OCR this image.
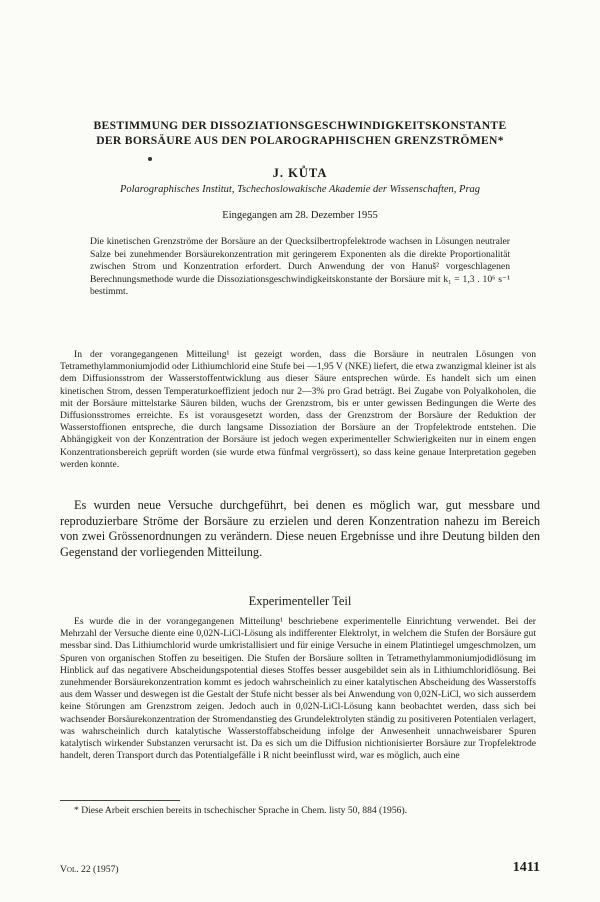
BESTIMMUNG DER DISSOZIATIONSGESCHWINDIGKEITSKONSTANTE
DER BORSÄURE AUS DEN POLAROGRAPHISCHEN GRENZSTRÖMEN*
J. KŮTA
Polarographisches Institut, Tschechoslowakische Akademie der Wissenschaften, Prag
Eingegangen am 28. Dezember 1955
Die kinetischen Grenzströme der Borsäure an der Quecksilbertropfelektrode wachsen in Lösungen neutraler Salze bei zunehmender Borsäurekonzentration mit geringerem Exponenten als die direkte Proportionalität zwischen Strom und Konzentration erfordert. Durch Anwendung der von Hanuš² vorgeschlagenen Berechnungsmethode wurde die Dissoziationsgeschwindigkeitskonstante der Borsäure mit k₁ = 1,3 . 10⁶ s⁻¹ bestimmt.

In der vorangegangenen Mitteilung¹ ist gezeigt worden, dass die Borsäure in neutralen Lösungen von Tetramethylammoniumjodid oder Lithiumchlorid eine Stufe bei —1,95 V (NKE) liefert, die etwa zwanzigmal kleiner ist als dem Diffusionsstrom der Wasserstoffentwicklung aus dieser Säure entsprechen würde. Es handelt sich um einen kinetischen Strom, dessen Temperaturkoeffizient jedoch nur 2—3% pro Grad beträgt. Bei Zugabe von Polyalkoholen, die mit der Borsäure mittelstarke Säuren bilden, wuchs der Grenzstrom, bis er unter gewissen Bedingungen die Werte des Diffusionsstromes erreichte. Es ist vorausgesetzt worden, dass der Grenzstrom der Borsäure der Reduktion der Wasserstoffionen entspreche, die durch langsame Dissoziation der Borsäure an der Tropfelektrode entstehen. Die Abhängigkeit von der Konzentration der Borsäure ist jedoch wegen experimenteller Schwierigkeiten nur in einem engen Konzentrationsbereich geprüft worden (sie wurde etwa fünfmal vergrössert), so dass keine genaue Interpretation gegeben werden konnte.

Es wurden neue Versuche durchgeführt, bei denen es möglich war, gut messbare und reproduzierbare Ströme der Borsäure zu erzielen und deren Konzentration nahezu im Bereich von zwei Grössenordnungen zu verändern. Diese neuen Ergebnisse und ihre Deutung bilden den Gegenstand der vorliegenden Mitteilung.

Experimenteller Teil

Es wurde die in der vorangegangenen Mitteilung¹ beschriebene experimentelle Einrichtung verwendet. Bei der Mehrzahl der Versuche diente eine 0,02N-LiCl-Lösung als indifferenter Elektrolyt, in welchem die Stufen der Borsäure gut messbar sind. Das Lithiumchlorid wurde umkristallisiert und für einige Versuche in einem Platintiegel umgeschmolzen, um Spuren von organischen Stoffen zu beseitigen. Die Stufen der Borsäure sollten in Tetramethylammoniumjodidlösung im Hinblick auf das negativere Abscheidungspotential dieses Stoffes besser ausgebildet sein als in Lithiumchloridlösung. Bei zunehmender Borsäurekonzentration kommt es jedoch wahrscheinlich zu einer katalytischen Abscheidung des Wasserstoffs aus dem Wasser und deswegen ist die Gestalt der Stufe nicht besser als bei Anwendung von 0,02N-LiCl, wo sich ausserdem keine Störungen am Grenzstrom zeigen. Jedoch auch in 0,02N-LiCl-Lösung kann beobachtet werden, dass sich bei wachsender Borsäurekonzentration der Stromendanstieg des Grundelektrolyten ständig zu positiveren Potentialen verlagert, was wahrscheinlich durch katalytische Wasserstoffabscheidung infolge der Anwesenheit unnachweisbarer Spuren katalytisch wirkender Substanzen verursacht ist. Da es sich um die Diffusion nichtionisierter Borsäure zur Tropfelektrode handelt, deren Transport durch das Potentialgefälle i R nicht beeinflusst wird, war es möglich, auch eine

* Diese Arbeit erschien bereits in tschechischer Sprache in Chem. listy 50, 884 (1956).

Vol. 22 (1957)	1411
